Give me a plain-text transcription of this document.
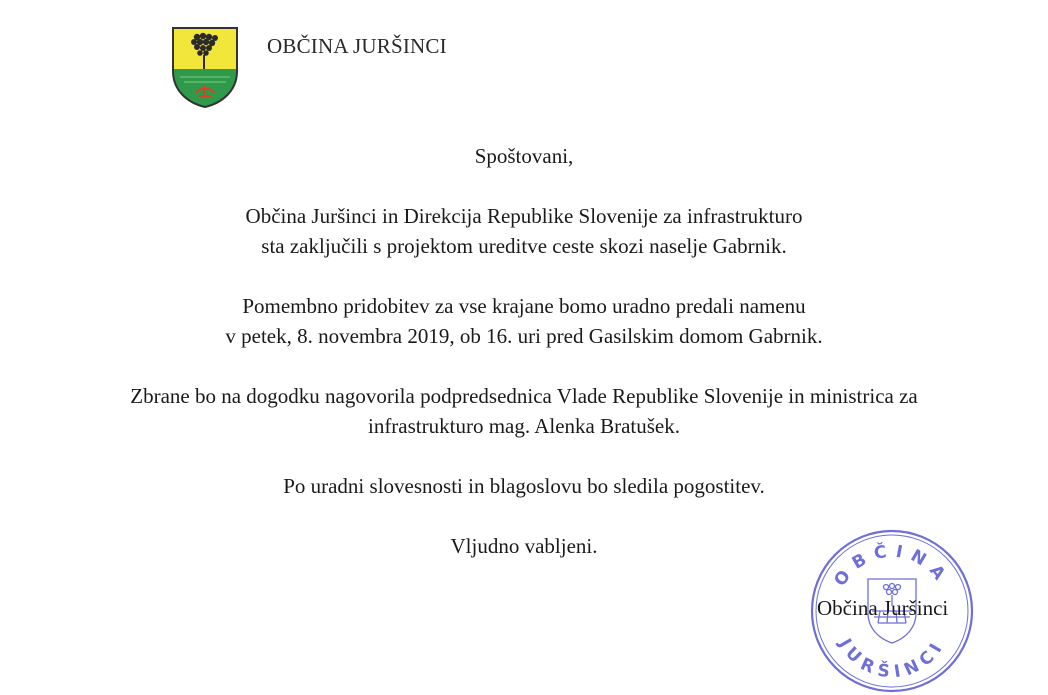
OBČINA JURŠINCI

Spoštovani,

Občina Juršinci in Direkcija Republike Slovenije za infrastrukturo
sta zaključili s projektom ureditve ceste skozi naselje Gabrnik.

Pomembno pridobitev za vse krajane bomo uradno predali namenu
v petek, 8. novembra 2019, ob 16. uri pred Gasilskim domom Gabrnik.

Zbrane bo na dogodku nagovorila podpredsednica Vlade Republike Slovenije in ministrica za
infrastrukturo mag. Alenka Bratušek.

Po uradni slovesnosti in blagoslovu bo sledila pogostitev.

Vljudno vabljeni.

OBČINA
JURŠINCI
Občina Juršinci
